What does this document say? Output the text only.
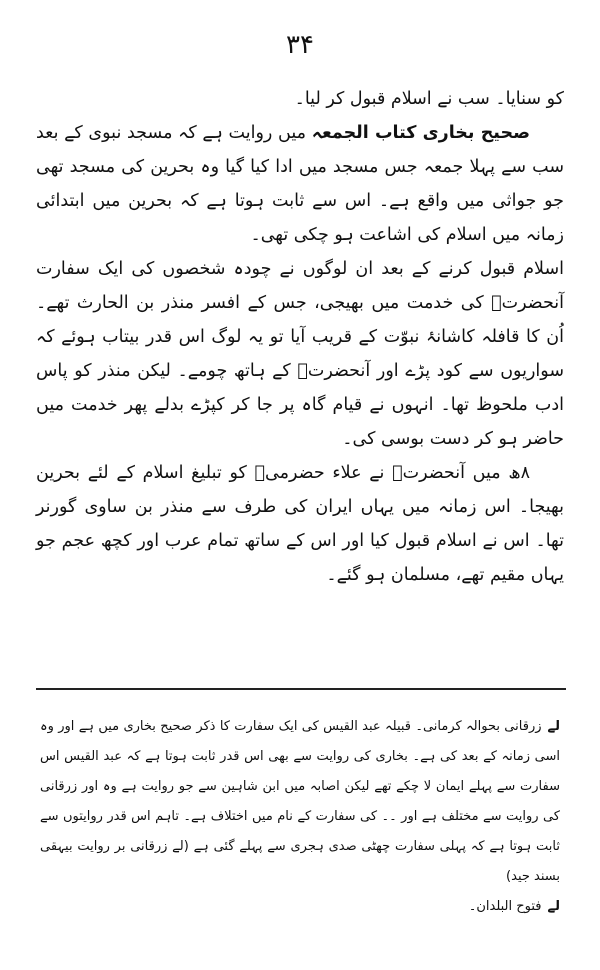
۳۴

کو سنایا۔ سب نے اسلام قبول کر لیا۔

صحیح بخاری کتاب الجمعہ میں روایت ہے کہ مسجد نبوی کے بعد سب سے پہلا جمعہ جس مسجد میں ادا کیا گیا وہ بحرین کی مسجد تھی جو جواثی میں واقع ہے۔ اس سے ثابت ہوتا ہے کہ بحرین میں ابتدائی زمانہ میں اسلام کی اشاعت ہو چکی تھی۔

اسلام قبول کرنے کے بعد ان لوگوں نے چودہ شخصوں کی ایک سفارت آنحضرتؐ کی خدمت میں بھیجی، جس کے افسر منذر بن الحارث تھے۔ اُن کا قافلہ کاشانۂ نبوّت کے قریب آیا تو یہ لوگ اس قدر بیتاب ہوئے کہ سواریوں سے کود پڑے اور آنحضرتؐ کے ہاتھ چومے۔ لیکن منذر کو پاس ادب ملحوظ تھا۔ انہوں نے قیام گاہ پر جا کر کپڑے بدلے پھر خدمت میں حاضر ہو کر دست بوسی کی۔

۸ھ میں آنحضرتؐ نے علاء حضرمیؓ کو تبلیغ اسلام کے لئے بحرین بھیجا۔ اس زمانہ میں یہاں ایران کی طرف سے منذر بن ساوی گورنر تھا۔ اس نے اسلام قبول کیا اور اس کے ساتھ تمام عرب اور کچھ عجم جو یہاں مقیم تھے، مسلمان ہو گئے۔

لےزرقانی بحوالہ کرمانی۔ قبیلہ عبد القیس کی ایک سفارت کا ذکر صحیح بخاری میں ہے اور وہ اسی زمانہ کے بعد کی ہے۔ بخاری کی روایت سے بھی اس قدر ثابت ہوتا ہے کہ عبد القیس اس سفارت سے پہلے ایمان لا چکے تھے لیکن اصابہ میں ابن شاہین سے جو روایت ہے وہ اور زرقانی کی روایت سے مختلف ہے اور ۔۔ کی سفارت کے نام میں اختلاف ہے۔ تاہم اس قدر روایتوں سے ثابت ہوتا ہے کہ پہلی سفارت چھٹی صدی ہجری سے پہلے گئی ہے (لے زرقانی بر روایت بیہقی بسند جید)

لےفتوح البلدان۔
